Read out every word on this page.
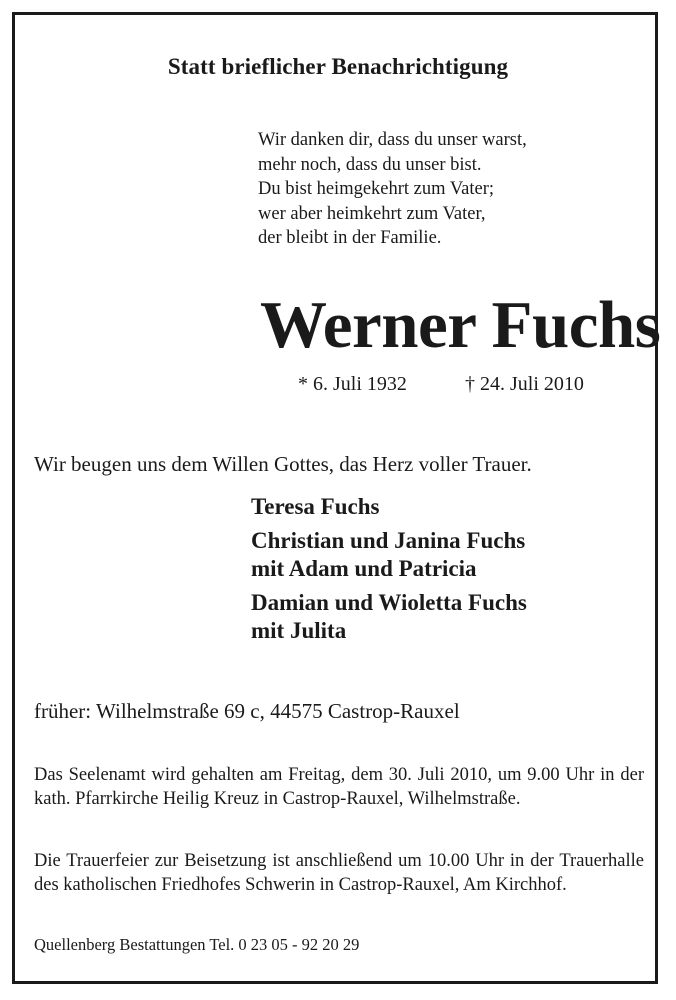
Statt brieflicher Benachrichtigung
Wir danken dir, dass du unser warst,
mehr noch, dass du unser bist.
Du bist heimgekehrt zum Vater;
wer aber heimkehrt zum Vater,
der bleibt in der Familie.
Werner Fuchs
* 6. Juli 1932	† 24. Juli 2010
Wir beugen uns dem Willen Gottes, das Herz voller Trauer.
Teresa Fuchs
Christian und Janina Fuchs
mit Adam und Patricia
Damian und Wioletta Fuchs
mit Julita
früher: Wilhelmstraße 69 c, 44575 Castrop-Rauxel
Das Seelenamt wird gehalten am Freitag, dem 30. Juli 2010, um 9.00 Uhr in der kath. Pfarrkirche Heilig Kreuz in Castrop-Rauxel, Wilhelmstraße.
Die Trauerfeier zur Beisetzung ist anschließend um 10.00 Uhr in der Trauerhalle des katholischen Friedhofes Schwerin in Castrop-Rauxel, Am Kirchhof.
Quellenberg Bestattungen Tel. 0 23 05 - 92 20 29
